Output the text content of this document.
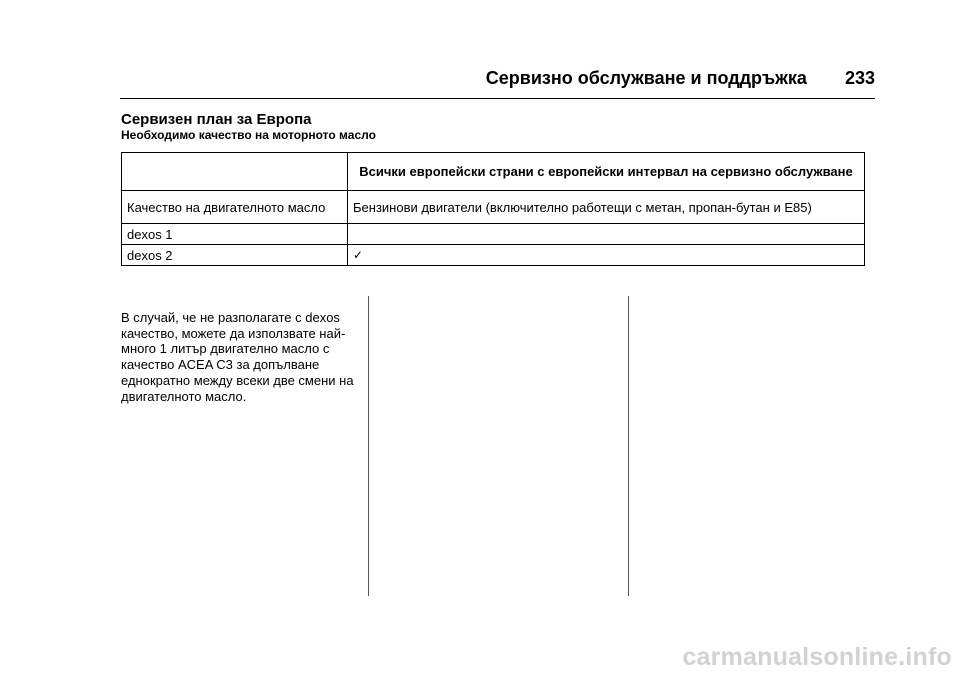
Сервизно обслужване и поддръжка 233
Сервизен план за Европа
Необходимо качество на моторното масло
	Всички европейски страни с европейски интервал на сервизно обслужване
Качество на двигателното масло	Бензинови двигатели (включително работещи с метан, пропан-бутан и Е85)
dexos 1	
dexos 2	✓
В случай, че не разполагате с dexos качество, можете да използвате най-много 1 литър двигателно масло с качество ACEA C3 за допълване еднократно между всеки две смени на двигателното масло.
carmanualsonline.info
